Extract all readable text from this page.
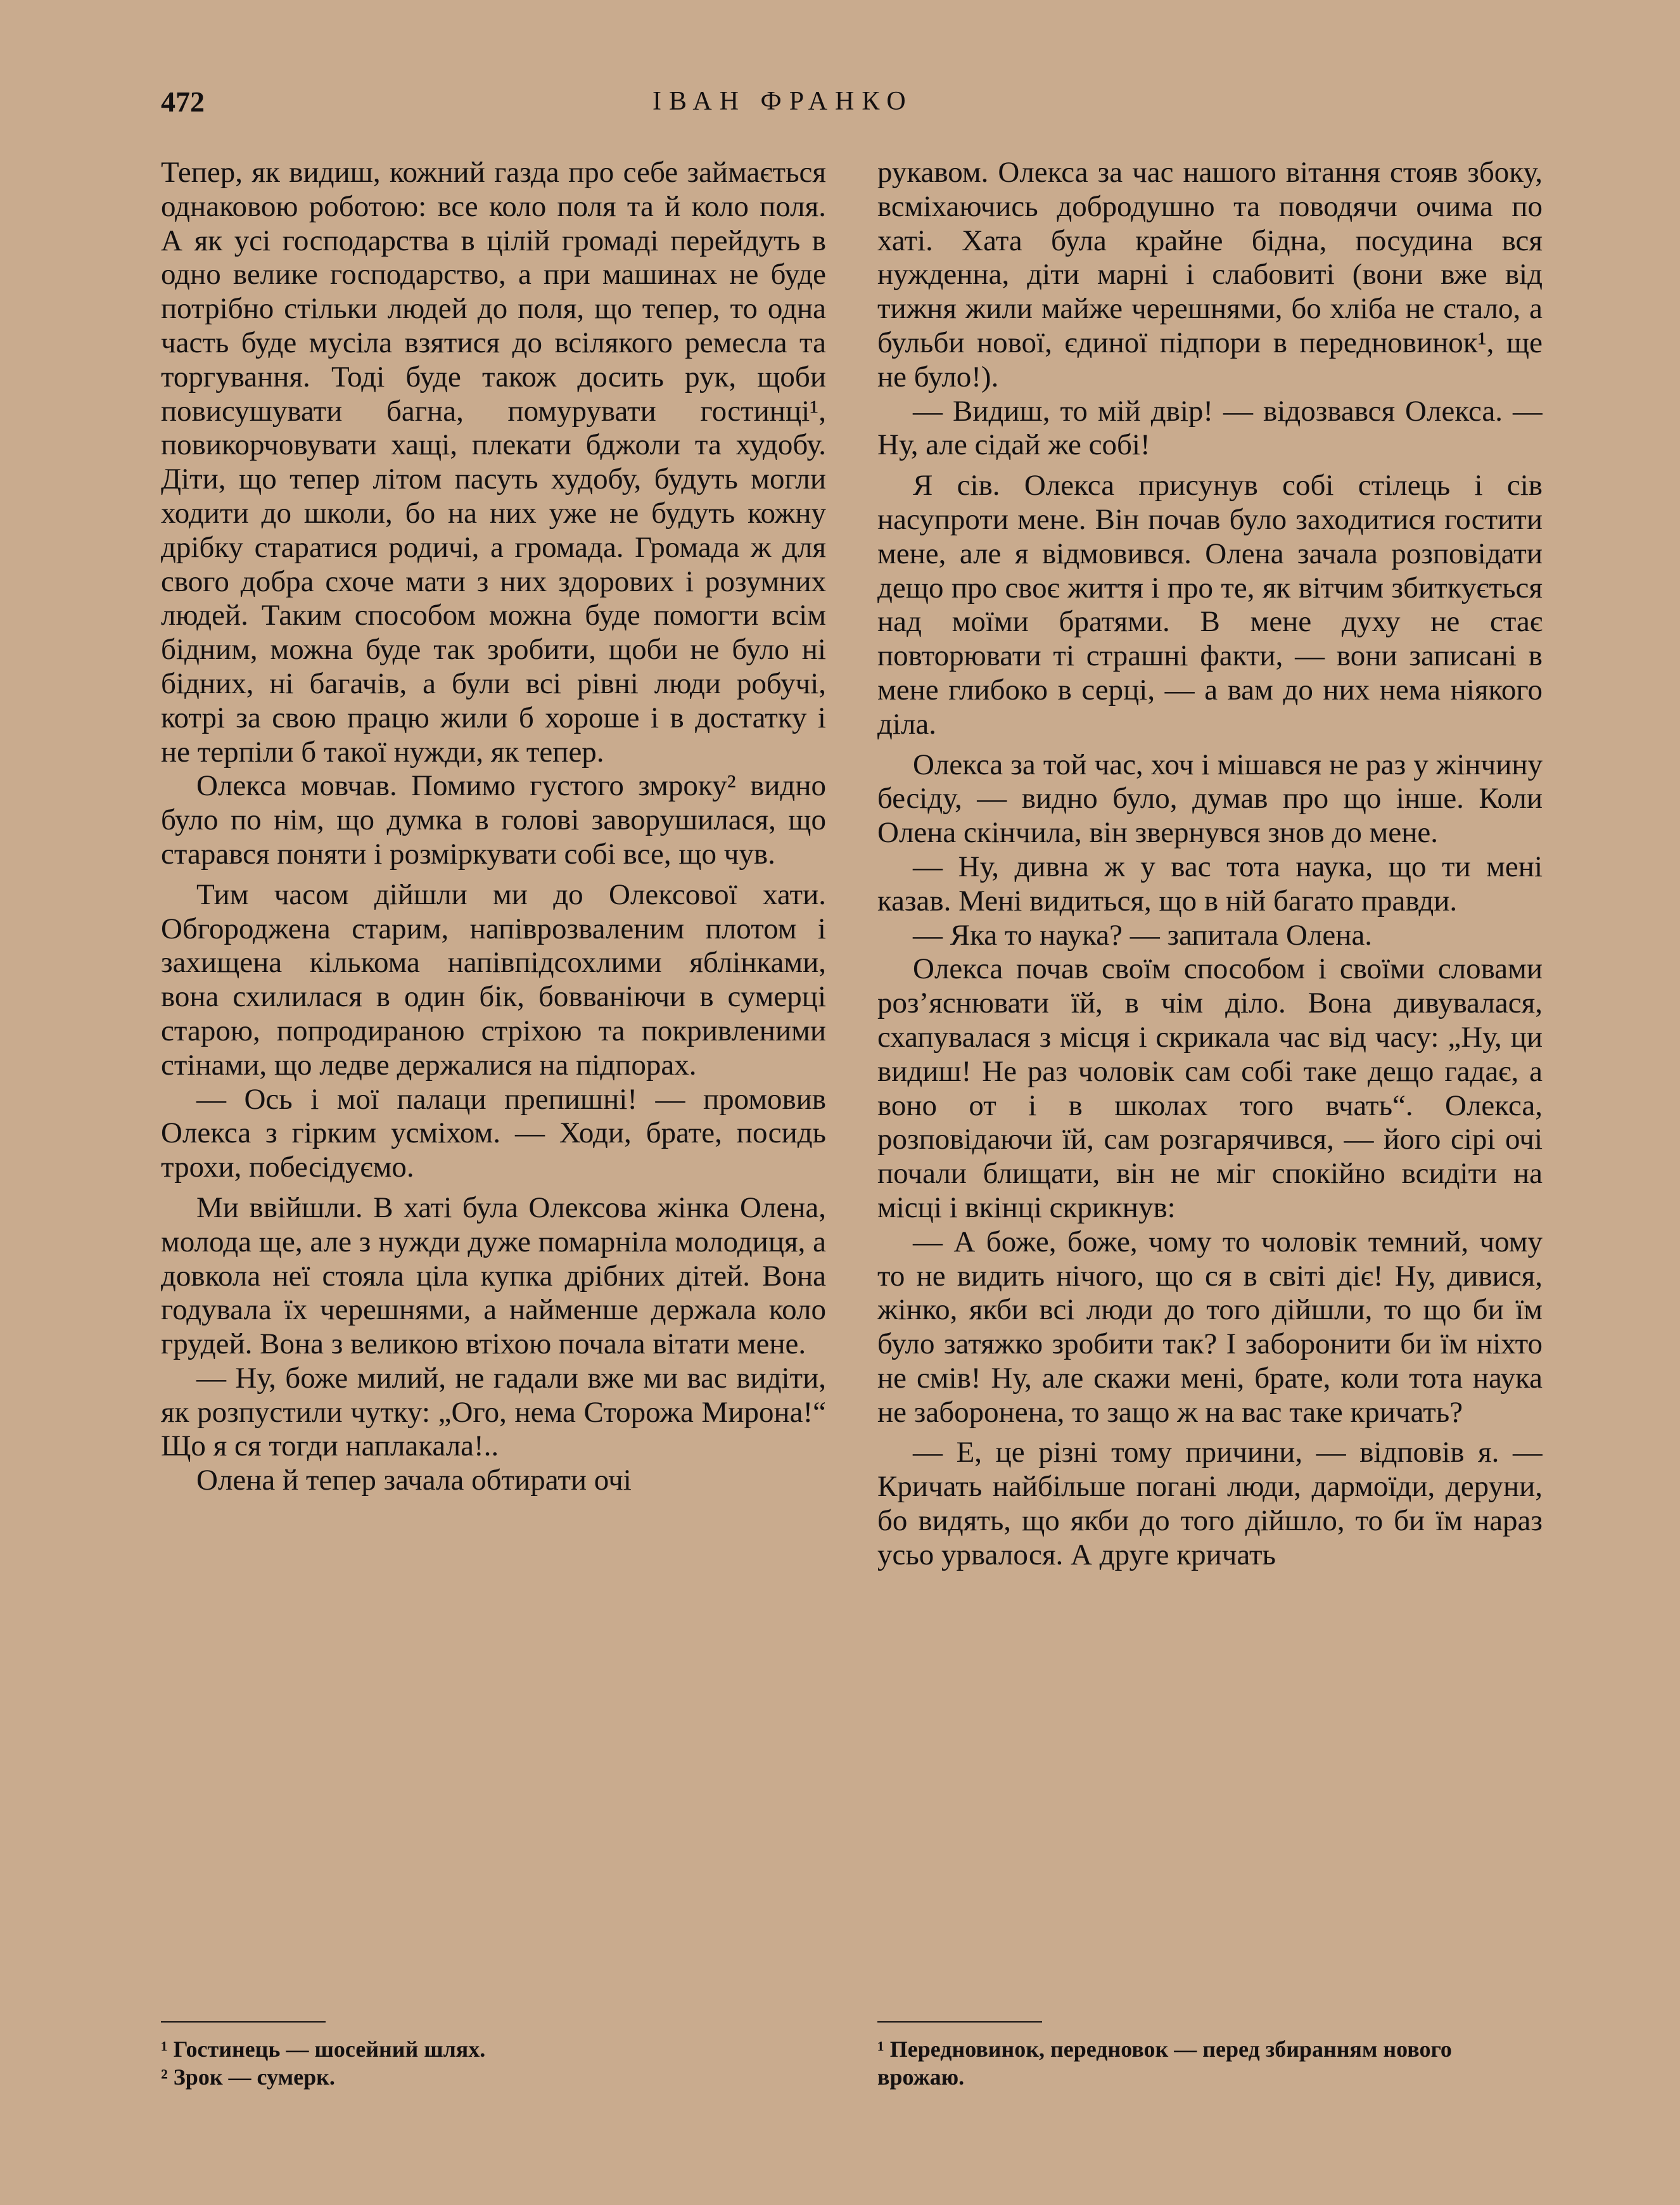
472	ІВАН ФРАНКО

Тепер, як видиш, кожний газда про себе займається однаковою роботою: все коло поля та й коло поля. А як усі господарства в цілій громаді перейдуть в одно велике господарство, а при машинах не буде потрібно стільки людей до поля, що тепер, то одна часть буде мусіла взятися до всілякого ремесла та торгування. Тоді буде також досить рук, щоби повисушувати багна, помурувати гостинці¹, повикорчовувати хащі, плекати бджоли та худобу. Діти, що тепер літом пасуть худобу, будуть могли ходити до школи, бо на них уже не будуть кожну дрібку старатися родичі, а громада. Громада ж для свого добра схоче мати з них здорових і розумних людей. Таким способом можна буде помогти всім бідним, можна буде так зробити, щоби не було ні бідних, ні багачів, а були всі рівні люди робучі, котрі за свою працю жили б хороше і в достатку і не терпіли б такої нужди, як тепер.

Олекса мовчав. Помимо густого змроку² видно було по нім, що думка в голові заворушилася, що старався поняти і розміркувати собі все, що чув.

Тим часом дійшли ми до Олексової хати. Обгороджена старим, напіврозваленим плотом і захищена кількома напівпідсохлими яблінками, вона схилилася в один бік, бовваніючи в сумерці старою, попродираною стріхою та покривленими стінами, що ледве держалися на підпорах.

— Ось і мої палаци препишні! — промовив Олекса з гірким усміхом. — Ходи, брате, посидь трохи, побесідуємо.

Ми ввійшли. В хаті була Олексова жінка Олена, молода ще, але з нужди дуже помарніла молодиця, а довкола неї стояла ціла купка дрібних дітей. Вона годувала їх черешнями, а найменше держала коло грудей. Вона з великою втіхою почала вітати мене.

— Ну, боже милий, не гадали вже ми вас видіти, як розпустили чутку: „Ого, нема Сторожа Мирона!“ Що я ся тогди наплакала!..

Олена й тепер зачала обтирати очі

рукавом. Олекса за час нашого вітання стояв збоку, всміхаючись добродушно та поводячи очима по хаті. Хата була крайне бідна, посудина вся нужденна, діти марні і слабовиті (вони вже від тижня жили майже черешнями, бо хліба не стало, а бульби нової, єдиної підпори в передновинок¹, ще не було!).

— Видиш, то мій двір! — відозвався Олекса. — Ну, але сідай же собі!

Я сів. Олекса присунув собі стілець і сів насупроти мене. Він почав було заходитися гостити мене, але я відмовився. Олена зачала розповідати дещо про своє життя і про те, як вітчим збиткується над моїми братями. В мене духу не стає повторювати ті страшні факти, — вони записані в мене глибоко в серці, — а вам до них нема ніякого діла.

Олекса за той час, хоч і мішався не раз у жінчину бесіду, — видно було, думав про що інше. Коли Олена скінчила, він звернувся знов до мене.

— Ну, дивна ж у вас тота наука, що ти мені казав. Мені видиться, що в ній багато правди.

— Яка то наука? — запитала Олена.

Олекса почав своїм способом і своїми словами роз’яснювати їй, в чім діло. Вона дивувалася, схапувалася з місця і скрикала час від часу: „Ну, ци видиш! Не раз чоловік сам собі таке дещо гадає, а воно от і в школах того вчать“. Олекса, розповідаючи їй, сам розгарячився, — його сірі очі почали блищати, він не міг спокійно всидіти на місці і вкінці скрикнув:

— А боже, боже, чому то чоловік темний, чому то не видить нічого, що ся в світі діє! Ну, дивися, жінко, якби всі люди до того дійшли, то що би їм було затяжко зробити так? І заборонити би їм ніхто не смів! Ну, але скажи мені, брате, коли тота наука не заборонена, то защо ж на вас таке кричать?

— Е, це різні тому причини, — відповів я. — Кричать найбільше погані люди, дармоїди, деруни, бо видять, що якби до того дійшло, то би їм нараз усьо урвалося. А друге кричать

¹ Гостинець — шосейний шлях.

² Зрок — сумерк.

¹ Передновинок, передновок — перед збиранням нового врожаю.
